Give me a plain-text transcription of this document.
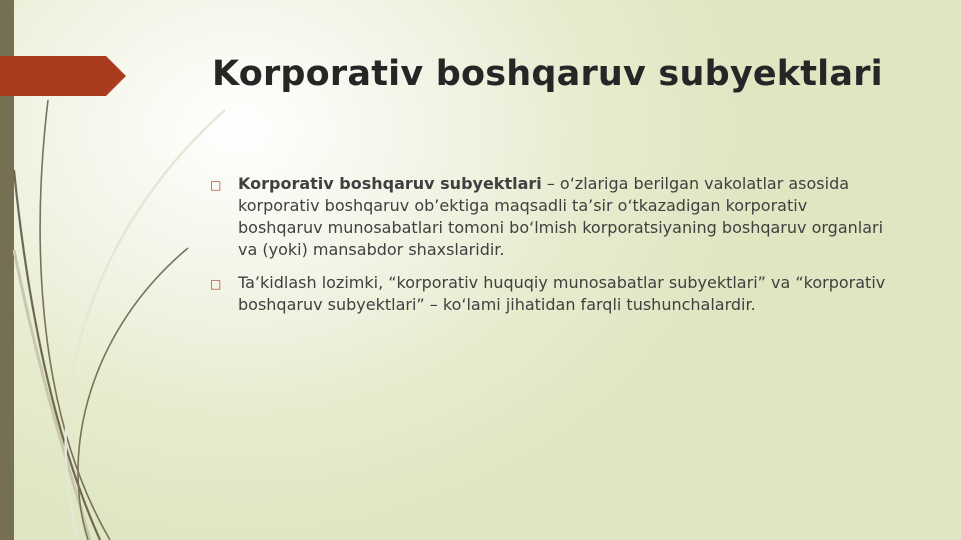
Korporativ boshqaruv subyektlari
□ Korporativ boshqaruv subyektlari – o‘zlariga berilgan vakolatlar asosida korporativ boshqaruv ob’ektiga maqsadli ta’sir o‘tkazadigan korporativ boshqaruv munosabatlari tomoni bo‘lmish korporatsiyaning boshqaruv organlari va (yoki) mansabdor shaxslaridir.
□ Ta’kidlash lozimki, “korporativ huquqiy munosabatlar subyektlari” va “korporativ boshqaruv subyektlari” – ko‘lami jihatidan farqli tushunchalardir.
